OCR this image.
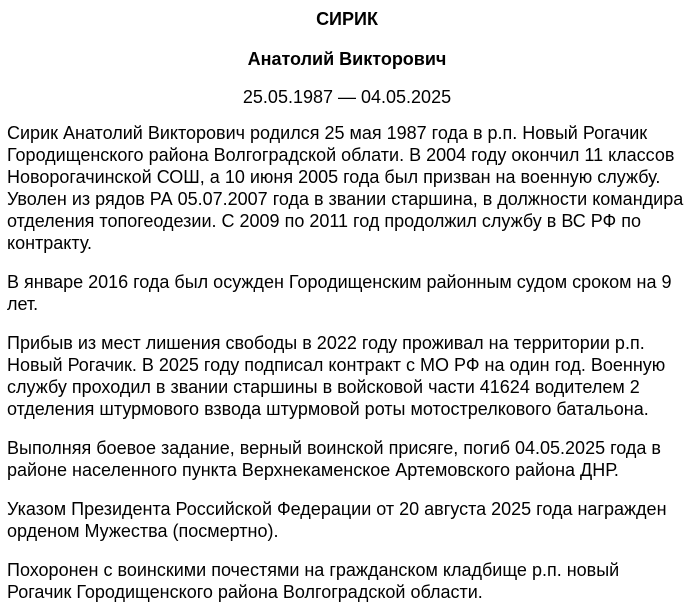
СИРИК
Анатолий Викторович
25.05.1987 — 04.05.2025

Сирик Анатолий Викторович родился 25 мая 1987 года в р.п. Новый Рогачик Городищенского района Волгоградской облати. В 2004 году окончил 11 классов Новорогачинской СОШ, а 10 июня 2005 года был призван на военную службу. Уволен из рядов РА 05.07.2007 года в звании старшина, в должности командира отделения топогеодезии. С 2009 по 2011 год продолжил службу в ВС РФ по контракту.

В январе 2016 года был осужден Городищенским районным судом сроком на 9 лет.

Прибыв из мест лишения свободы в 2022 году проживал на территории р.п. Новый Рогачик. В 2025 году подписал контракт с МО РФ на один год. Военную службу проходил в звании старшины в войсковой части 41624 водителем 2 отделения штурмового взвода штурмовой роты мотострелкового батальона.

Выполняя боевое задание, верный воинской присяге, погиб 04.05.2025 года в районе населенного пункта Верхнекаменское Артемовского района ДНР.

Указом Президента Российской Федерации от 20 августа 2025 года награжден орденом Мужества (посмертно).

Похоронен с воинскими почестями на гражданском кладбище р.п. новый Рогачик Городищенского района Волгоградской области.
